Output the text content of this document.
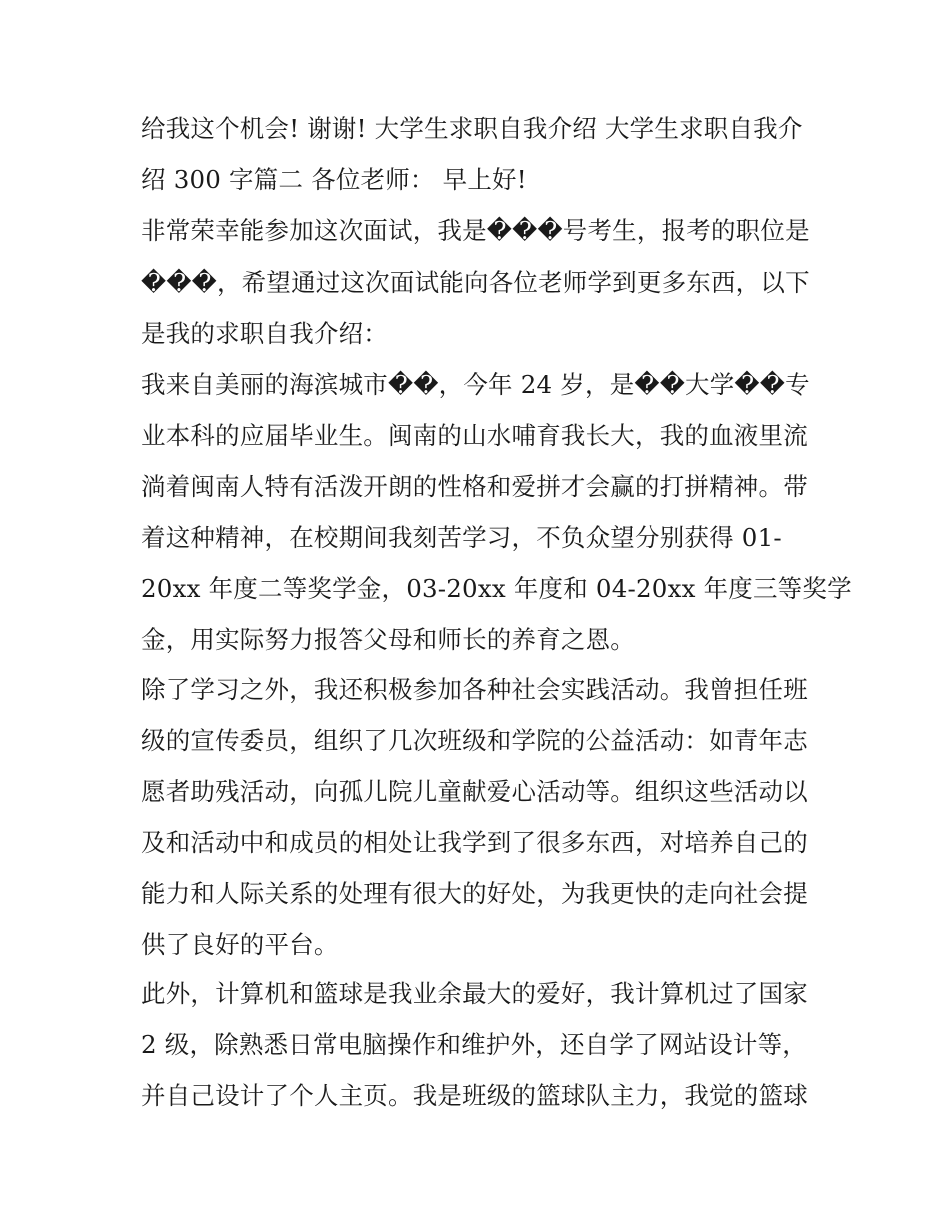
给我这个机会! 谢谢! 大学生求职自我介绍 大学生求职自我介
绍 300 字篇二 各位老师： 早上好!
非常荣幸能参加这次面试，我是���号考生，报考的职位是
���，希望通过这次面试能向各位老师学到更多东西，以下
是我的求职自我介绍：
我来自美丽的海滨城市��，今年 24 岁，是��大学��专
业本科的应届毕业生。闽南的山水哺育我长大，我的血液里流
淌着闽南人特有活泼开朗的性格和爱拼才会赢的打拼精神。带
着这种精神，在校期间我刻苦学习，不负众望分别获得 01-
20xx 年度二等奖学金，03-20xx 年度和 04-20xx 年度三等奖学
金，用实际努力报答父母和师长的养育之恩。
除了学习之外，我还积极参加各种社会实践活动。我曾担任班
级的宣传委员，组织了几次班级和学院的公益活动：如青年志
愿者助残活动，向孤儿院儿童献爱心活动等。组织这些活动以
及和活动中和成员的相处让我学到了很多东西，对培养自己的
能力和人际关系的处理有很大的好处，为我更快的走向社会提
供了良好的平台。
此外，计算机和篮球是我业余最大的爱好，我计算机过了国家
2 级，除熟悉日常电脑操作和维护外，还自学了网站设计等，
并自己设计了个人主页。我是班级的篮球队主力，我觉的篮球
